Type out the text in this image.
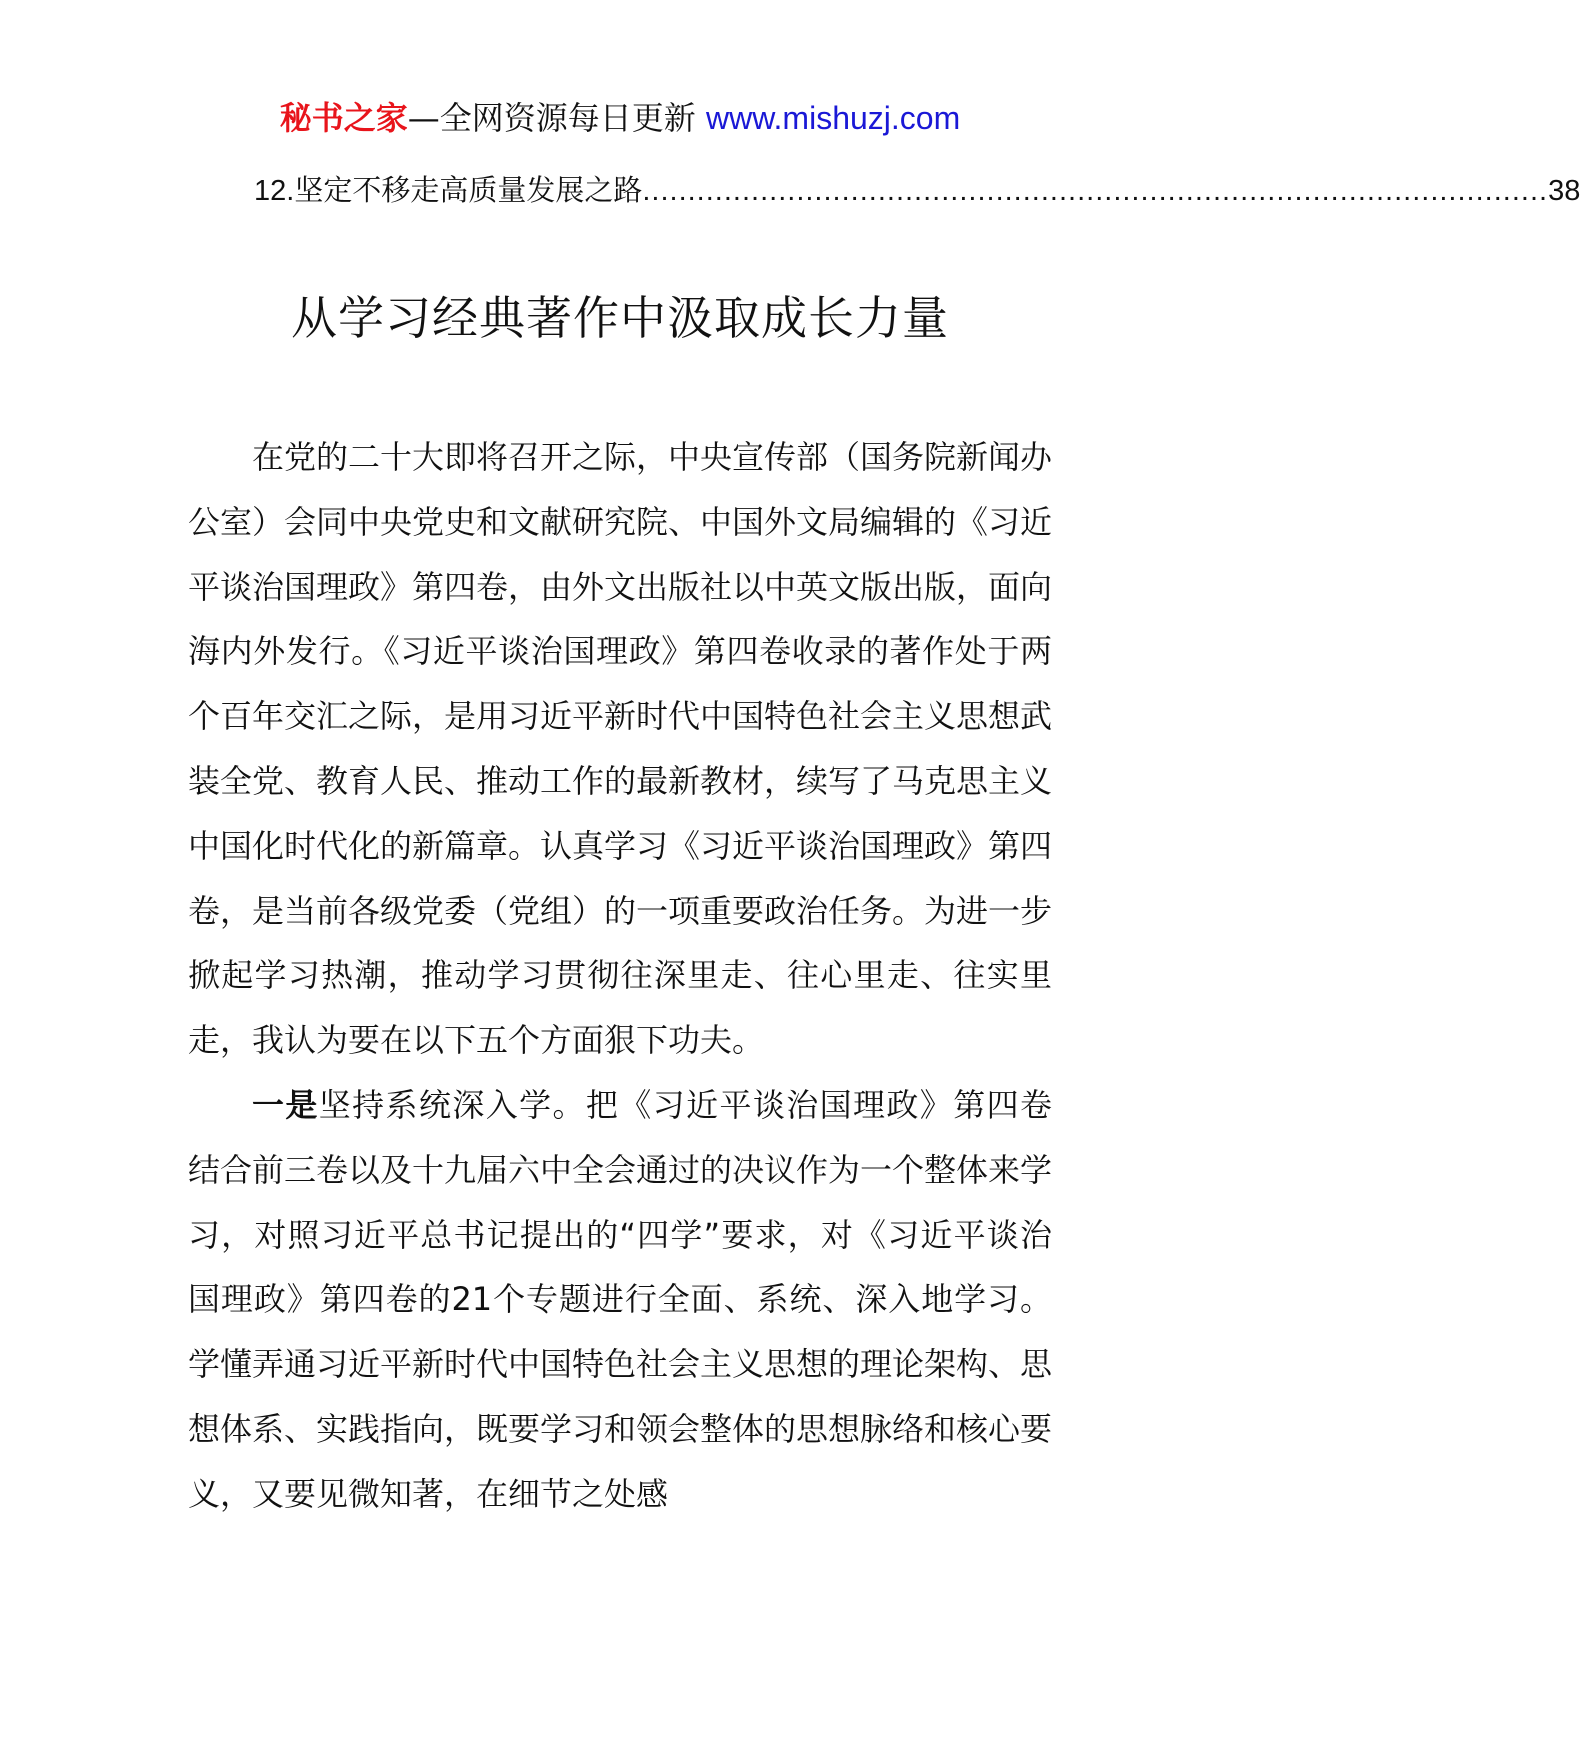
秘书之家—全网资源每日更新 www.mishuzj.com
12. 坚定不移走高质量发展之路 .................................................................................................... 38
从学习经典著作中汲取成长力量

在党的二十大即将召开之际，中央宣传部（国务院新闻办公室）会同中央党史和文献研究院、中国外文局编辑的《习近平谈治国理政》第四卷，由外文出版社以中英文版出版，面向海内外发行。《习近平谈治国理政》第四卷收录的著作处于两个百年交汇之际，是用习近平新时代中国特色社会主义思想武装全党、教育人民、推动工作的最新教材，续写了马克思主义中国化时代化的新篇章。认真学习《习近平谈治国理政》第四卷，是当前各级党委（党组）的一项重要政治任务。为进一步掀起学习热潮，推动学习贯彻往深里走、往心里走、往实里走，我认为要在以下五个方面狠下功夫。

一是坚持系统深入学。把《习近平谈治国理政》第四卷结合前三卷以及十九届六中全会通过的决议作为一个整体来学习，对照习近平总书记提出的“四学”要求，对《习近平谈治国理政》第四卷的21个专题进行全面、系统、深入地学习。学懂弄通习近平新时代中国特色社会主义思想的理论架构、思想体系、实践指向，既要学习和领会整体的思想脉络和核心要义，又要见微知著，在细节之处感
